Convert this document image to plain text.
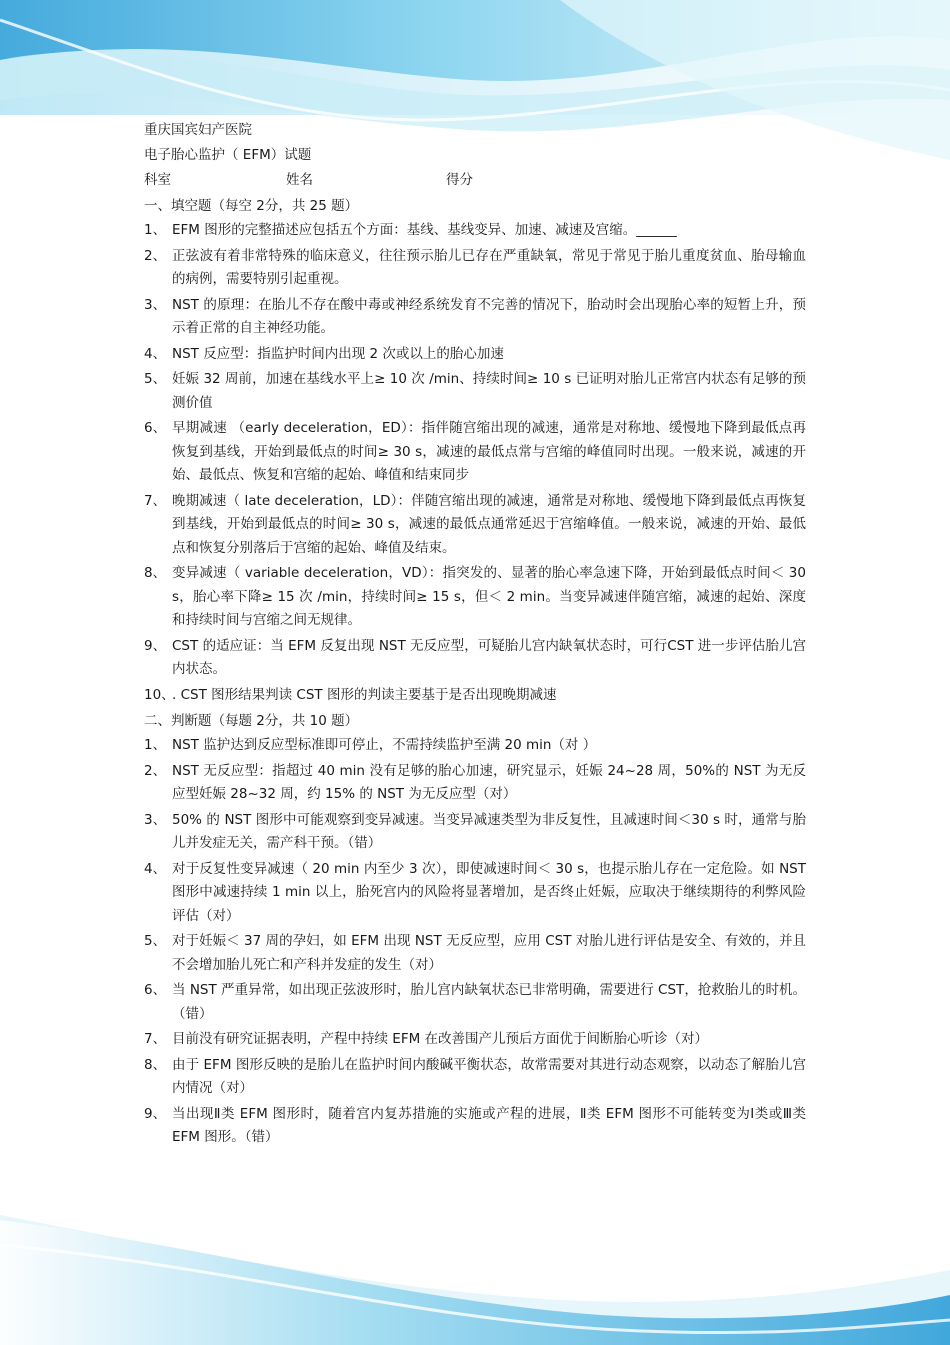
重庆国宾妇产医院
电子胎心监护（ EFM）试题
科室	姓名	得分
一、填空题（每空 2分，共 25 题）
1、 EFM 图形的完整描述应包括五个方面：基线、基线变异、加速、减速及宫缩。______
2、 正弦波有着非常特殊的临床意义，往往预示胎儿已存在严重缺氧，常见于常见于胎儿重度贫血、胎母输血的病例，需要特别引起重视。
3、 NST 的原理：在胎儿不存在酸中毒或神经系统发育不完善的情况下，胎动时会出现胎心率的短暂上升，预示着正常的自主神经功能。
4、 NST 反应型：指监护时间内出现 2 次或以上的胎心加速
5、 妊娠 32 周前，加速在基线水平上≥ 10 次 /min、持续时间≥ 10 s 已证明对胎儿正常宫内状态有足够的预测价值
6、 早期减速 （early deceleration，ED）：指伴随宫缩出现的减速，通常是对称地、缓慢地下降到最低点再恢复到基线，开始到最低点的时间≥ 30 s，减速的最低点常与宫缩的峰值同时出现。一般来说，减速的开始、最低点、恢复和宫缩的起始、峰值和结束同步
7、 晚期减速（ late deceleration，LD）：伴随宫缩出现的减速，通常是对称地、缓慢地下降到最低点再恢复到基线，开始到最低点的时间≥ 30 s，减速的最低点通常延迟于宫缩峰值。一般来说，减速的开始、最低点和恢复分别落后于宫缩的起始、峰值及结束。
8、 变异减速（ variable deceleration，VD）：指突发的、显著的胎心率急速下降，开始到最低点时间＜ 30 s，胎心率下降≥ 15 次 /min，持续时间≥ 15 s，但＜ 2 min。当变异减速伴随宫缩，减速的起始、深度和持续时间与宫缩之间无规律。
9、 CST 的适应证：当 EFM 反复出现 NST 无反应型，可疑胎儿宫内缺氧状态时，可行CST 进一步评估胎儿宫内状态。
10、
. CST 图形结果判读 CST 图形的判读主要基于是否出现晚期减速
二、判断题（每题 2分，共 10 题）
1、 NST 监护达到反应型标准即可停止，不需持续监护至满 20 min（对 ）
2、 NST 无反应型：指超过 40 min 没有足够的胎心加速，研究显示，妊娠 24~28 周，50%的 NST 为无反应型妊娠 28~32 周，约 15% 的 NST 为无反应型（对）
3、 50% 的 NST 图形中可能观察到变异减速。当变异减速类型为非反复性，且减速时间＜30 s 时，通常与胎儿并发症无关，需产科干预。（错）
4、 对于反复性变异减速（ 20 min 内至少 3 次），即使减速时间＜ 30 s，也提示胎儿存在一定危险。如 NST 图形中减速持续 1 min 以上，胎死宫内的风险将显著增加，是否终止妊娠，应取决于继续期待的利弊风险评估（对）
5、 对于妊娠＜ 37 周的孕妇，如 EFM 出现 NST 无反应型，应用 CST 对胎儿进行评估是安全、有效的，并且不会增加胎儿死亡和产科并发症的发生（对）
6、 当 NST 严重异常，如出现正弦波形时，胎儿宫内缺氧状态已非常明确，需要进行 CST，抢救胎儿的时机。（错）
7、 目前没有研究证据表明，产程中持续 EFM 在改善围产儿预后方面优于间断胎心听诊（对）
8、 由于 EFM 图形反映的是胎儿在监护时间内酸碱平衡状态，故常需要对其进行动态观察，以动态了解胎儿宫内情况（对）
9、 当出现Ⅱ类 EFM 图形时，随着宫内复苏措施的实施或产程的进展，Ⅱ类 EFM 图形不可能转变为Ⅰ类或Ⅲ类 EFM 图形。（错）
